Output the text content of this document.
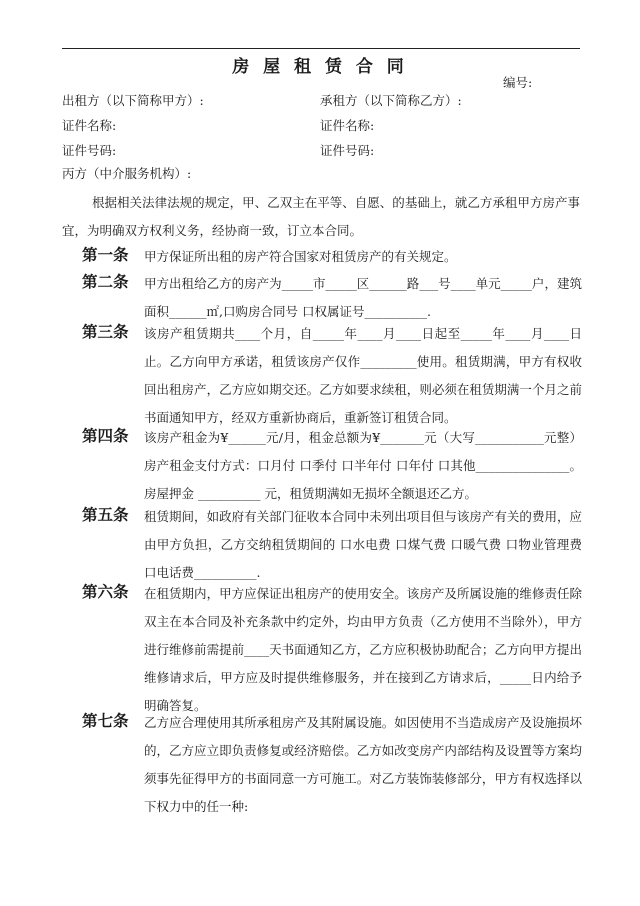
房 屋 租 赁 合 同
编号:
出租方（以下简称甲方）:	承租方（以下简称乙方）:
证件名称:	证件名称:
证件号码:	证件号码:
丙方（中介服务机构）:
根据相关法律法规的规定，甲、乙双主在平等、自愿、的基础上，就乙方承租甲方房产事宜，为明确双方权利义务，经协商一致，订立本合同。
第一条 甲方保证所出租的房产符合国家对租赁房产的有关规定。
第二条 甲方出租给乙方的房产为_____市_____区______路___号____单元_____户，建筑面积______㎡,口购房合同号 口权属证号__________.
第三条 该房产租赁期共____个月，自_____年____月____日起至_____年____月____日止。乙方向甲方承诺，租赁该房产仅作_________使用。租赁期满，甲方有权收回出租房产，乙方应如期交还。乙方如要求续租，则必须在租赁期满一个月之前书面通知甲方，经双方重新协商后，重新签订租赁合同。
第四条 该房产租金为¥______元/月，租金总额为¥_______元（大写___________元整）房产租金支付方式：口月付 口季付 口半年付 口年付 口其他_______________。房屋押金 __________ 元，租赁期满如无损坏全额退还乙方。
第五条 租赁期间，如政府有关部门征收本合同中未列出项目但与该房产有关的费用，应由甲方负担，乙方交纳租赁期间的 口水电费 口煤气费 口暖气费 口物业管理费 口电话费__________.
第六条 在租赁期内，甲方应保证出租房产的使用安全。该房产及所属设施的维修责任除双主在本合同及补充条款中约定外，均由甲方负责（乙方使用不当除外），甲方进行维修前需提前____天书面通知乙方，乙方应积极协助配合；乙方向甲方提出维修请求后，甲方应及时提供维修服务，并在接到乙方请求后，_____日内给予明确答复。
第七条 乙方应合理使用其所承租房产及其附属设施。如因使用不当造成房产及设施损坏的，乙方应立即负责修复或经济赔偿。乙方如改变房产内部结构及设置等方案均须事先征得甲方的书面同意一方可施工。对乙方装饰装修部分，甲方有权选择以下权力中的任一种:
